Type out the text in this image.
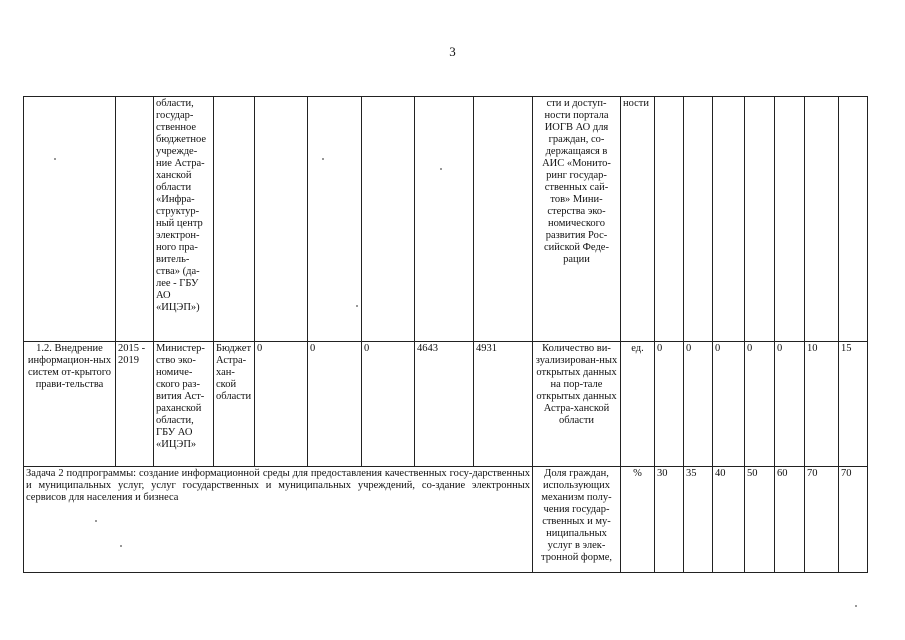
3
		области, государ-ственное бюджетное учрежде-ние Астра-ханской области «Инфра-структур-ный центр электрон-ного пра-витель-ства» (да-лее - ГБУ АО «ИЦЭП»)							сти и доступ-ности портала ИОГВ АО для граждан, со-держащаяся в АИС «Монито-ринг государ-ственных сай-тов» Мини-стерства эко-номического развития Рос-сийской Феде-рации	ности							
1.2. Внедрение информацион-ных систем от-крытого прави-тельства	2015 - 2019	Министер-ство эко-номиче-ского раз-вития Аст-раханской области, ГБУ АО «ИЦЭП»	Бюджет Астра-хан-ской области	0	0	0	4643	4931	Количество ви-зуализирован-ных открытых данных на пор-тале открытых данных Астра-ханской области	ед.	0	0	0	0	0	10	15
Задача 2 подпрограммы: создание информационной среды для предоставления качественных госу-дарственных и муниципальных услуг, услуг государственных и муниципальных учреждений, со-здание электронных сервисов для населения и бизнеса									Доля граждан, использующих механизм полу-чения государ-ственных и му-ниципальных услуг в элек-тронной форме,	%	30	35	40	50	60	70	70
